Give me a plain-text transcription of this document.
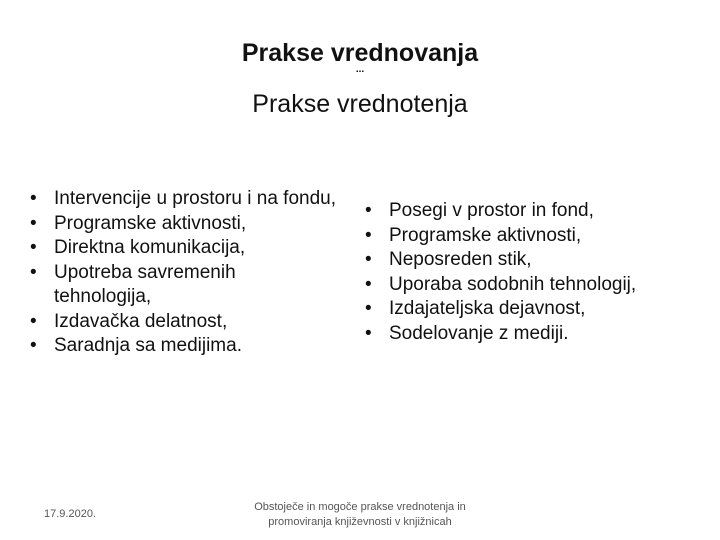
Prakse vrednovanja
...
Prakse vrednotenja
• Intervencije u prostoru i na fondu,
• Programske aktivnosti,
• Direktna komunikacija,
• Upotreba savremenih tehnologija,
• Izdavačka delatnost,
• Saradnja sa medijima.
• Posegi v prostor in fond,
• Programske aktivnosti,
• Neposreden stik,
• Uporaba sodobnih tehnologij,
• Izdajateljska dejavnost,
• Sodelovanje z mediji.
17.9.2020.
Obstoječe in mogoče prakse vrednotenja in promoviranja književnosti v knjižnicah
